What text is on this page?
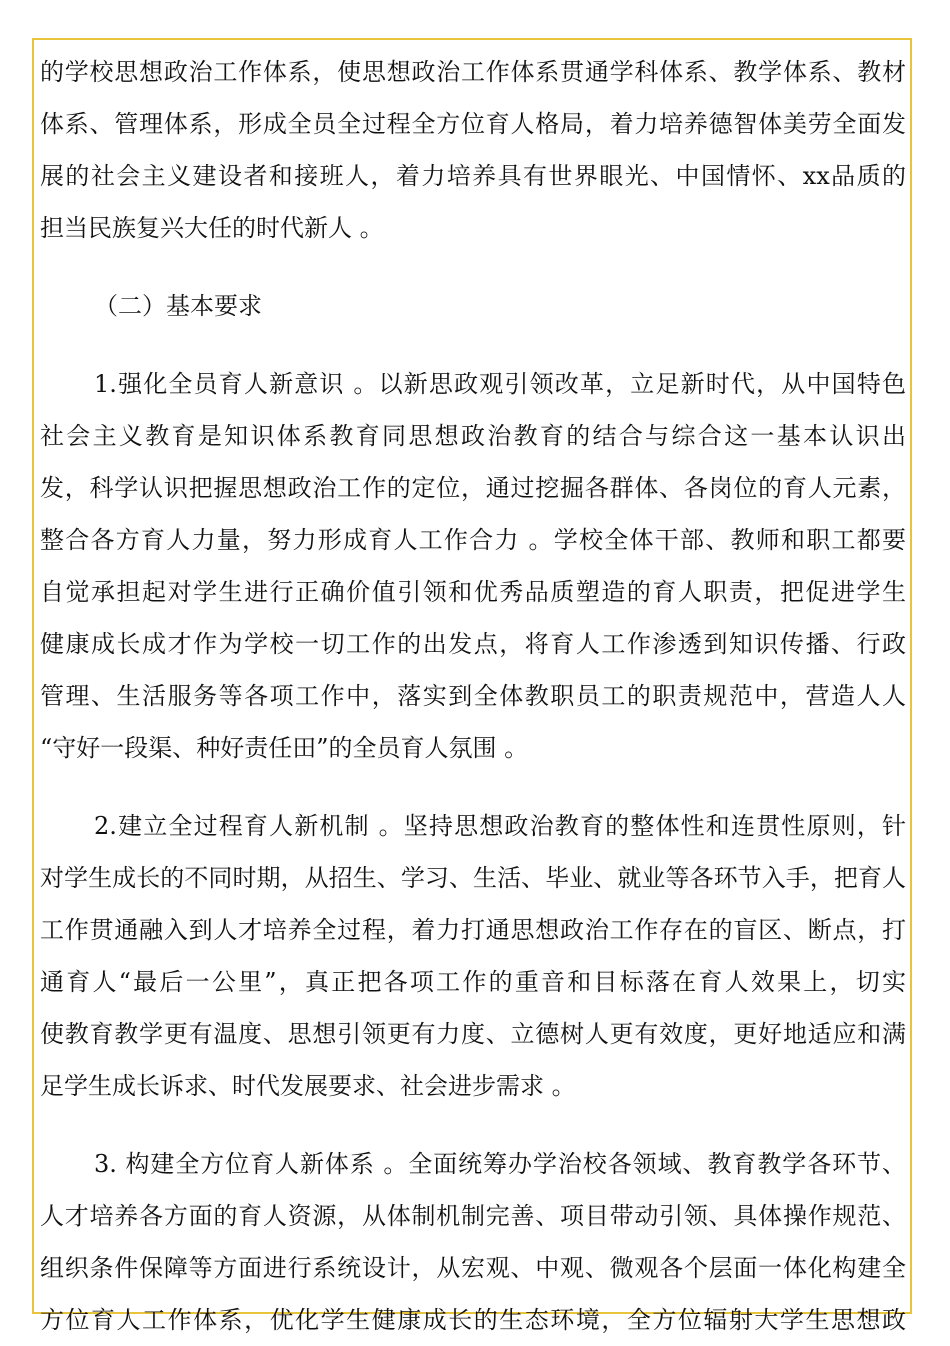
的学校思想政治工作体系，使思想政治工作体系贯通学科体系、教学体系、教材
体系、管理体系，形成全员全过程全方位育人格局，着力培养德智体美劳全面发
展的社会主义建设者和接班人，着力培养具有世界眼光、中国情怀、xx品质的
担当民族复兴大任的时代新人 。
（二）基本要求
1.强化全员育人新意识 。以新思政观引领改革，立足新时代，从中国特色
社会主义教育是知识体系教育同思想政治教育的结合与综合这一基本认识出
发，科学认识把握思想政治工作的定位，通过挖掘各群体、各岗位的育人元素，
整合各方育人力量，努力形成育人工作合力 。学校全体干部、教师和职工都要
自觉承担起对学生进行正确价值引领和优秀品质塑造的育人职责，把促进学生
健康成长成才作为学校一切工作的出发点，将育人工作渗透到知识传播、行政
管理、生活服务等各项工作中，落实到全体教职员工的职责规范中，营造人人
“守好一段渠、种好责任田”的全员育人氛围 。
2.建立全过程育人新机制 。坚持思想政治教育的整体性和连贯性原则，针
对学生成长的不同时期，从招生、学习、生活、毕业、就业等各环节入手，把育人
工作贯通融入到人才培养全过程，着力打通思想政治工作存在的盲区、断点，打
通育人“最后一公里”，真正把各项工作的重音和目标落在育人效果上，切实
使教育教学更有温度、思想引领更有力度、立德树人更有效度，更好地适应和满
足学生成长诉求、时代发展要求、社会进步需求 。
3. 构建全方位育人新体系 。全面统筹办学治校各领域、教育教学各环节、
人才培养各方面的育人资源，从体制机制完善、项目带动引领、具体操作规范、
组织条件保障等方面进行系统设计，从宏观、中观、微观各个层面一体化构建全
方位育人工作体系，优化学生健康成长的生态环境，全方位辐射大学生思想政
